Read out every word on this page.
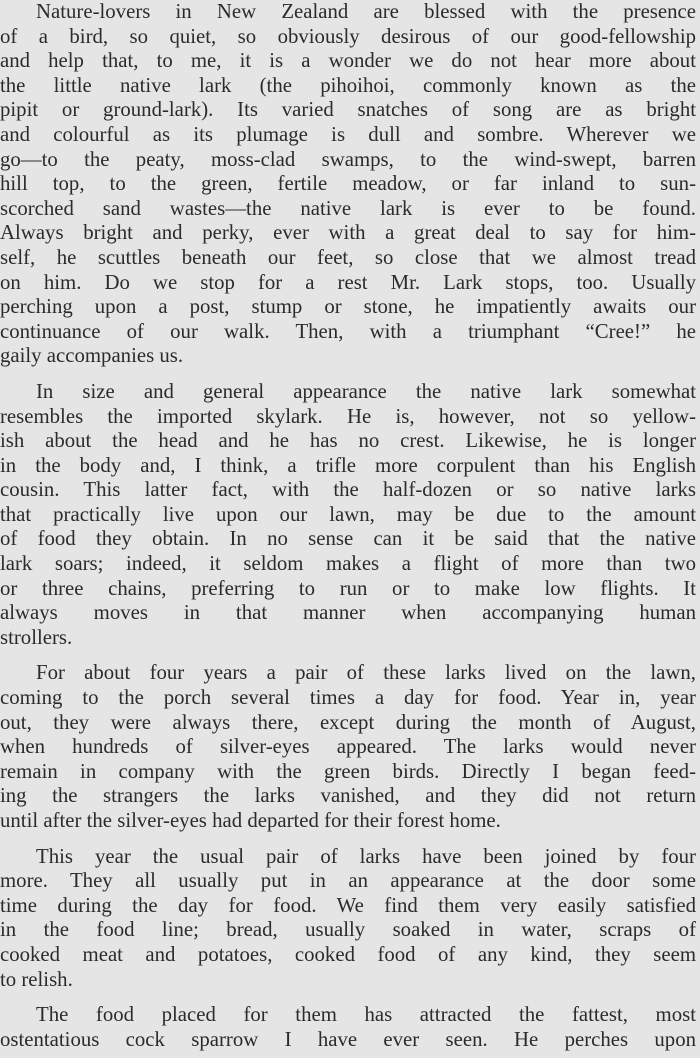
Nature-lovers in New Zealand are blessed with the presence
of a bird, so quiet, so obviously desirous of our good-fellowship
and help that, to me, it is a wonder we do not hear more about
the little native lark (the pihoihoi, commonly known as the
pipit or ground-lark). Its varied snatches of song are as bright
and colourful as its plumage is dull and sombre. Wherever we
go—to the peaty, moss-clad swamps, to the wind-swept, barren
hill top, to the green, fertile meadow, or far inland to sun-
scorched sand wastes—the native lark is ever to be found.
Always bright and perky, ever with a great deal to say for him-
self, he scuttles beneath our feet, so close that we almost tread
on him. Do we stop for a rest Mr. Lark stops, too. Usually
perching upon a post, stump or stone, he impatiently awaits our
continuance of our walk. Then, with a triumphant “Cree!” he
gaily accompanies us.

In size and general appearance the native lark somewhat
resembles the imported skylark. He is, however, not so yellow-
ish about the head and he has no crest. Likewise, he is longer
in the body and, I think, a trifle more corpulent than his English
cousin. This latter fact, with the half-dozen or so native larks
that practically live upon our lawn, may be due to the amount
of food they obtain. In no sense can it be said that the native
lark soars; indeed, it seldom makes a flight of more than two
or three chains, preferring to run or to make low flights. It
always moves in that manner when accompanying human
strollers.

For about four years a pair of these larks lived on the lawn,
coming to the porch several times a day for food. Year in, year
out, they were always there, except during the month of August,
when hundreds of silver-eyes appeared. The larks would never
remain in company with the green birds. Directly I began feed-
ing the strangers the larks vanished, and they did not return
until after the silver-eyes had departed for their forest home.

This year the usual pair of larks have been joined by four
more. They all usually put in an appearance at the door some
time during the day for food. We find them very easily satisfied
in the food line; bread, usually soaked in water, scraps of
cooked meat and potatoes, cooked food of any kind, they seem
to relish.

The food placed for them has attracted the fattest, most
ostentatious cock sparrow I have ever seen. He perches upon
